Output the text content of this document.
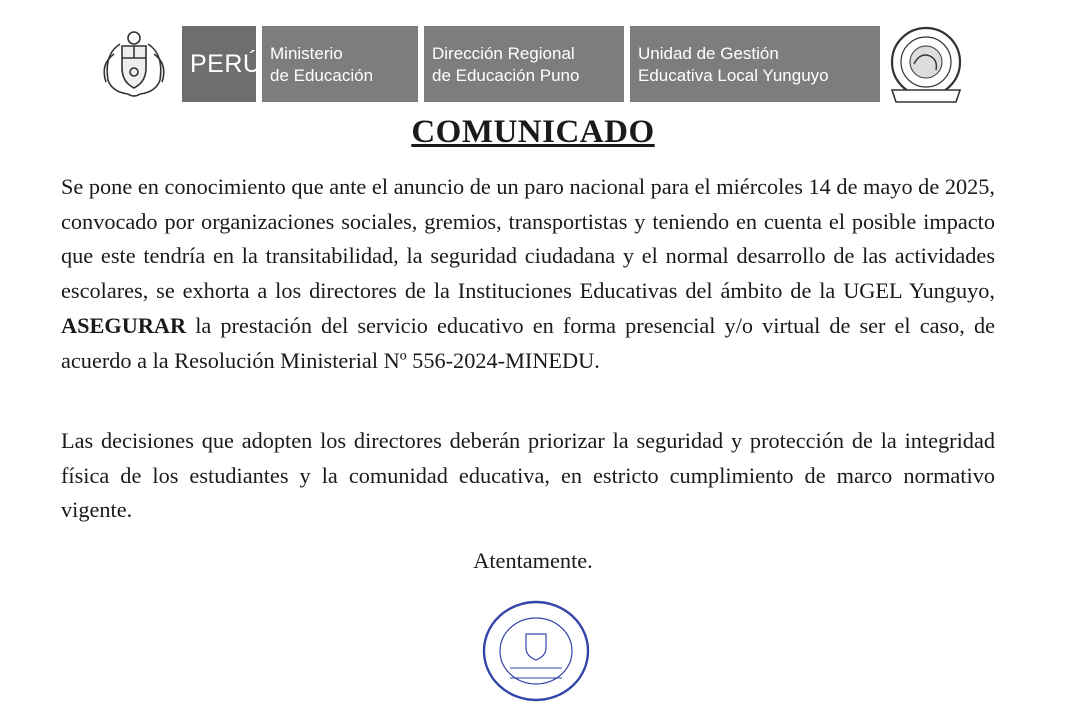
PERÚ Ministerio
de Educación
Dirección Regional
de Educación Puno
Unidad de Gestión
Educativa Local Yunguyo
COMUNICADO

Se pone en conocimiento que ante el anuncio de un paro nacional para el miércoles 14 de mayo de 2025, convocado por organizaciones sociales, gremios, transportistas y teniendo en cuenta el posible impacto que este tendría en la transitabilidad, la seguridad ciudadana y el normal desarrollo de las actividades escolares, se exhorta a los directores de la Instituciones Educativas del ámbito de la UGEL Yunguyo, ASEGURAR la prestación del servicio educativo en forma presencial y/o virtual de ser el caso, de acuerdo a la Resolución Ministerial Nº 556-2024-MINEDU.

Las decisiones que adopten los directores deberán priorizar la seguridad y protección de la integridad física de los estudiantes y la comunidad educativa, en estricto cumplimiento de marco normativo vigente.

Atentamente.
